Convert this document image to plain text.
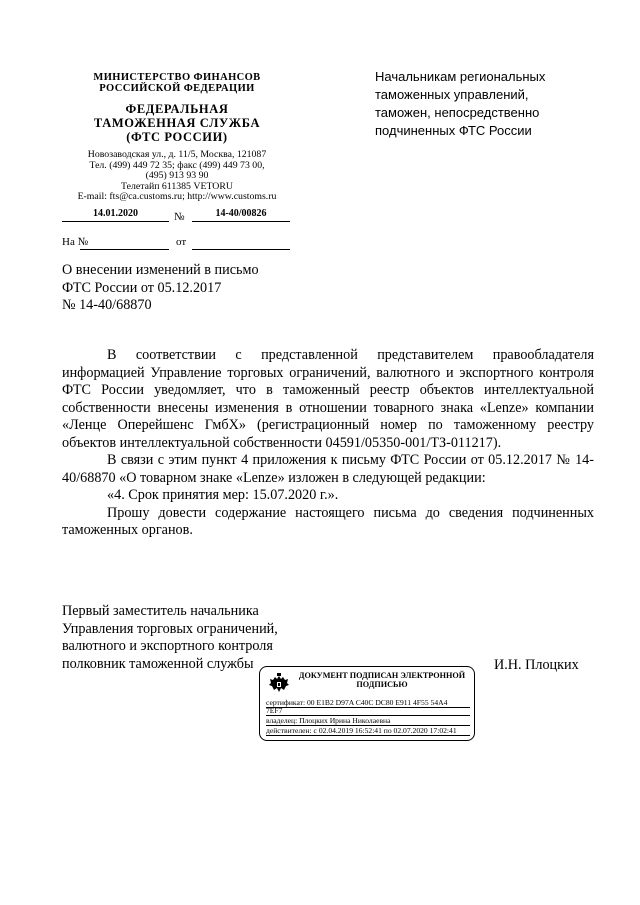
МИНИСТЕРСТВО ФИНАНСОВ
РОССИЙСКОЙ ФЕДЕРАЦИИ
ФЕДЕРАЛЬНАЯ
ТАМОЖЕННАЯ СЛУЖБА
(ФТС РОССИИ)
Новозаводская ул., д. 11/5, Москва, 121087
Тел. (499) 449 72 35; факс (499) 449 73 00,
(495) 913 93 90
Телетайп 611385 VETORU
E-mail: fts@ca.customs.ru; http://www.customs.ru
14.01.2020	№	14-40/00826
На №	от
Начальникам региональных
таможенных управлений,
таможен, непосредственно
подчиненных ФТС России
О внесении изменений в письмо
ФТС России от 05.12.2017
№ 14-40/68870

В соответствии с представленной представителем правообладателя информацией Управление торговых ограничений, валютного и экспортного контроля ФТС России уведомляет, что в таможенный реестр объектов интеллектуальной собственности внесены изменения в отношении товарного знака «Lenze» компании «Ленце Оперейшенс ГмбХ» (регистрационный номер по таможенному реестру объектов интеллектуальной собственности 04591/05350-001/ТЗ-011217).

В связи с этим пункт 4 приложения к письму ФТС России от 05.12.2017 № 14-40/68870 «О товарном знаке «Lenze» изложен в следующей редакции:

«4. Срок принятия мер: 15.07.2020 г.».

Прошу довести содержание настоящего письма до сведения подчиненных таможенных органов.

Первый заместитель начальника
Управления торговых ограничений,
валютного и экспортного контроля
полковник таможенной службы	И.Н. Плоцких
ДОКУМЕНТ ПОДПИСАН ЭЛЕКТРОННОЙ
ПОДПИСЬЮ
сертификат: 00 E1B2 D97A C40C DC80 E911 4F55 54A4
7EF7
владелец: Плоцких Ирина Николаевна
действителен: с 02.04.2019 16:52:41 по 02.07.2020 17:02:41
